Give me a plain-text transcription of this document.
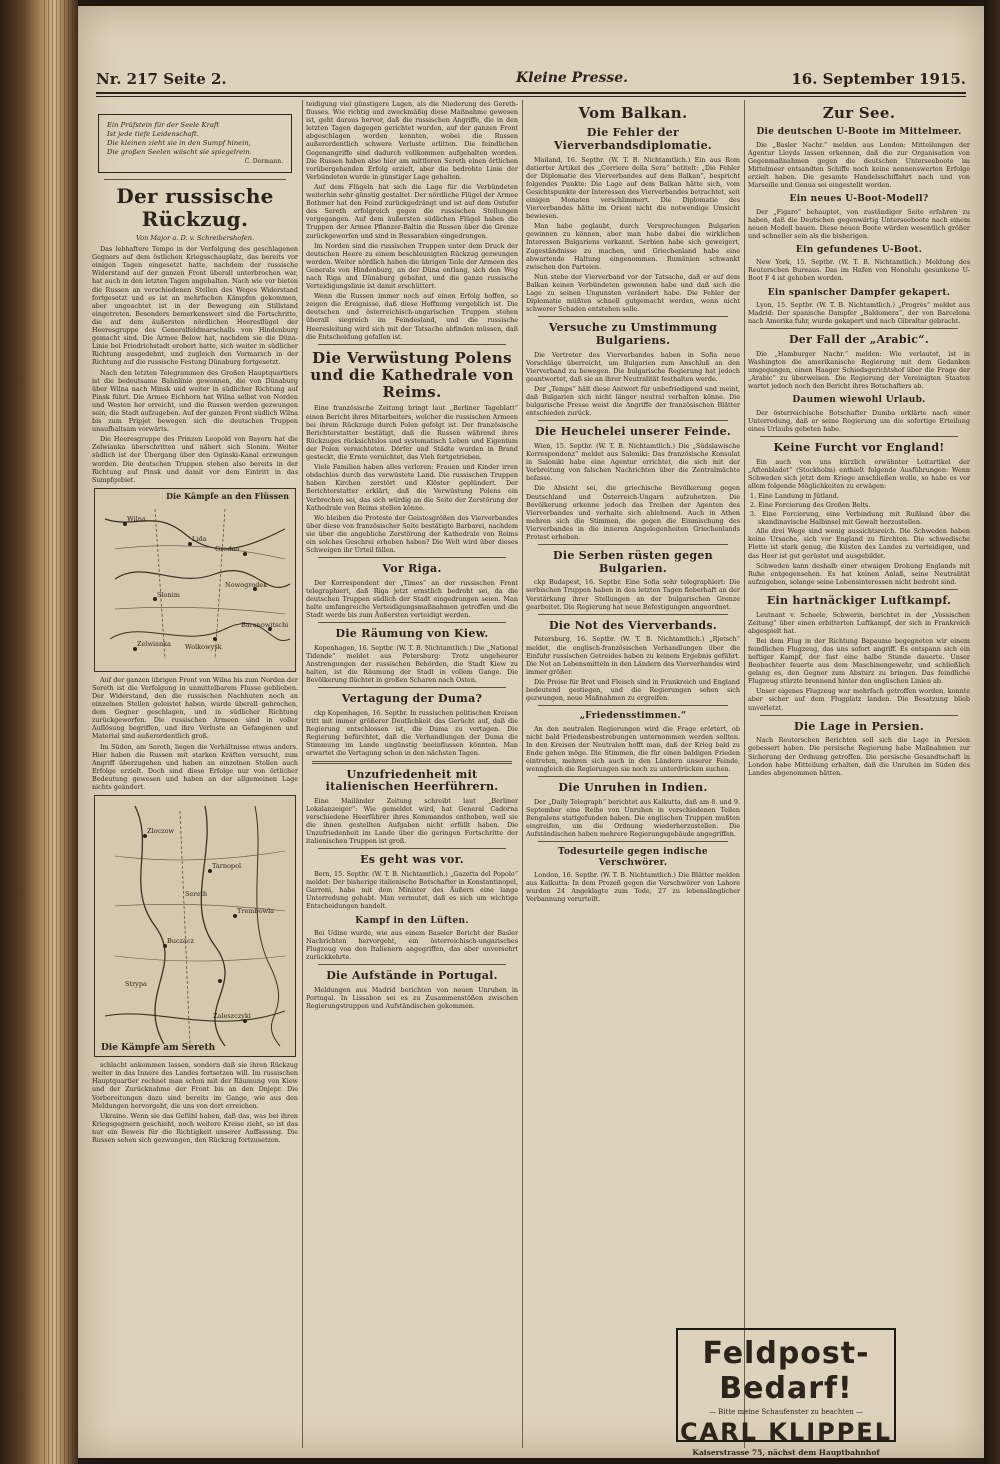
Nr. 217 Seite 2.	Kleine Presse.	16. September 1915.
Ein Prüfstein für der Seele Kraft
Ist jede tiefe Leidenschaft.
Die kleinen zieht sie in den Sumpf hinein,
Die großen Seelen wäscht sie spiegelrein.
C. Dormann.
Der russische Rückzug.
Von Major a. D. v. Schreibershofen.

Das lebhaftere Tempo in der Verfolgung des geschlagenen Gegners auf dem östlichen Kriegsschauplatz, das bereits vor einigen Tagen eingesetzt hatte, nachdem der russische Widerstand auf der ganzen Front überall unterbrochen war, hat auch in den letzten Tagen angehalten. Nach wie vor bieten die Russen an verschiedenen Stellen des Weges Widerstand fortgesetzt und es ist an mehrfachen Kämpfen gekommen, aber ungeachtet ist in der Bewegung ein Stillstand eingetreten. Besonders bemerkenswert sind die Fortschritte, die auf dem äußersten nördlichen Heeresflügel der Heeresgruppe des Generalfeldmarschalls von Hindenburg gemacht sind. Die Armee Below hat, nachdem sie die Düna-Linie bei Friedrichstadt erobert hatte, sich weiter in südlicher Richtung ausgedehnt, und zugleich den Vormarsch in der Richtung auf die russische Festung Dünaburg fortgesetzt.

Nach den letzten Telegrammen des Großen Hauptquartiers ist die bedeutsame Bahnlinie gewonnen, die von Dünaburg über Wilna nach Minsk und weiter in südlicher Richtung auf Pinsk führt. Die Armee Eichhorn hat Wilna selbst von Norden und Westen her erreicht, und die Russen werden gezwungen sein, die Stadt aufzugeben. Auf der ganzen Front südlich Wilna bis zum Pripjet bewegen sich die deutschen Truppen unaufhaltsam vorwärts.

Die Heeresgruppe des Prinzen Leopold von Bayern hat die Zelwianka überschritten und nähert sich Slonim. Weiter südlich ist der Übergang über den Oginski-Kanal erzwungen worden. Die deutschen Truppen stehen also bereits in der Richtung auf Pinsk und damit vor dem Eintritt in das Sumpfgebiet.

Wilna
Lida
Grodno
Nowogrodek
Slonim
Wolkowysk
Zelwianka
Baranowitschi
Die Kämpfe an den Flüssen

Auf der ganzen übrigen Front von Wilna bis zum Norden der Sereth ist die Verfolgung in unmittelbarem Flusse geblieben. Der Widerstand, den die russischen Nachhuten noch an einzelnen Stellen geleistet haben, wurde überall gebrochen, dem Gegner geschlagen, und in südlicher Richtung zurückgeworfen. Die russischen Armeen sind in voller Auflösung begriffen, und ihre Verluste an Gefangenen und Material sind außerordentlich groß.

Im Süden, am Sereth, liegen die Verhältnisse etwas anders. Hier haben die Russen mit starken Kräften versucht, zum Angriff überzugehen und haben an einzelnen Stellen auch Erfolge erzielt. Doch sind diese Erfolge nur von örtlicher Bedeutung gewesen und haben an der allgemeinen Lage nichts geändert.

Zloczow
Tarnopol
Trembowla
Buczacz
Sereth
Strypa
Zaleszczyki
Die Kämpfe am Sereth

schlacht ankommen lassen, sondern daß sie ihren Rückzug weiter in das Innere des Landes fortsetzen will. Im russischen Hauptquartier rechnet man schon mit der Räumung von Kiew und der Zurücknahme der Front bis an den Dnjepr. Die Vorbereitungen dazu sind bereits im Gange, wie aus den Meldungen hervorgeht, die uns von dort erreichen.

Ukraine. Wenn sie das Gefühl haben, daß das, was bei ihren Kriegsgegnern geschieht, noch weitere Kreise zieht, so ist das nur ein Beweis für die Richtigkeit unserer Auffassung. Die Russen sehen sich gezwungen, den Rückzug fortzusetzen.

teidigung viel günstigere Lagen, als die Niederung des Gereth-flusses. Wie richtig und zweckmäßig diese Maßnahme gewesen ist, geht daraus hervor, daß die russischen Angriffe, die in den letzten Tagen dagegen gerichtet wurden, auf der ganzen Front abgeschlagen worden konnten, wobei die Russen außerordentlich schwere Verluste erlitten. Die feindlichen Gegenangriffe sind dadurch vollkommen aufgehalten worden. Die Russen haben also hier am mittleren Sereth einen örtlichen vorübergehenden Erfolg erzielt, aber die bedrohte Linie der Verbündeten wurde in günstiger Lage gehalten.

Auf dem Flügeln hat sich die Lage für die Verbündeten weiterhin sehr günstig gestaltet. Der nördliche Flügel der Armee Bothmer hat den Feind zurückgedrängt und ist auf dem Ostufer des Sereth erfolgreich gegen die russischen Stellungen vorgegangen. Auf dem äußersten südlichen Flügel haben die Truppen der Armee Pflanzer-Baltin die Russen über die Grenze zurückgeworfen und sind in Bessarabien eingedrungen.

Im Norden sind die russischen Truppen unter dem Druck der deutschen Heere zu einem beschleunigten Rückzug gezwungen worden. Weiter nördlich haben die übrigen Teile der Armeen des Generals von Hindenburg, an der Düna entlang, sich den Weg nach Riga und Dünaburg gebahnt, und die ganze russische Verteidigungslinie ist damit erschüttert.

Wenn die Russen immer noch auf einen Erfolg hoffen, so zeigen die Ereignisse, daß diese Hoffnung vergeblich ist. Die deutschen und österreichisch-ungarischen Truppen stehen überall siegreich im Feindesland, und die russische Heeresleitung wird sich mit der Tatsache abfinden müssen, daß die Entscheidung gefallen ist.

Die Verwüstung Polens und die Kathedrale von Reims.

Eine französische Zeitung bringt laut „Berliner Tageblatt“ einen Bericht ihres Mitarbeiters, welcher die russischen Armeen bei ihrem Rückzuge durch Polen gefolgt ist. Der französische Berichterstatter bestätigt, daß die Russen während ihres Rückzuges rücksichtslos und systematisch Leben und Eigentum der Polen vernichteten. Dörfer und Städte wurden in Brand gesteckt, die Ernte vernichtet, das Vieh fortgetrieben.

Viele Familien haben alles verloren; Frauen und Kinder irren obdachlos durch das verwüstete Land. Die russischen Truppen haben Kirchen zerstört und Klöster geplündert. Der Berichterstatter erklärt, daß die Verwüstung Polens ein Verbrechen sei, das sich würdig an die Seite der Zerstörung der Kathedrale von Reims stellen könne.

Wo bleiben die Proteste der Geistesgrößen des Vierverbandes über diese von französischer Seite bestätigte Barbarei, nachdem sie über die angebliche Zerstörung der Kathedrale von Reims ein solches Geschrei erhoben haben? Die Welt wird über dieses Schweigen ihr Urteil fällen.

Vor Riga.

Der Korrespondent der „Times“ an der russischen Front telegraphiert, daß Riga jetzt ernstlich bedroht sei, da die deutschen Truppen südlich der Stadt eingedrungen seien. Man halte umfangreiche Verteidigungsmaßnahmen getroffen und die Stadt werde bis zum Äußersten verteidigt werden.

Die Räumung von Kiew.

Kopenhagen, 16. Septbr. (W. T. B. Nichtamtlich.) Die „National Tidende“ meldet aus Petersburg: Trotz ungeheurer Anstrengungen der russischen Behörden, die Stadt Kiew zu halten, ist die Räumung der Stadt in vollem Gange. Die Bevölkerung flüchtet in großen Scharen nach Osten.

Vertagung der Duma?

ckp Kopenhagen, 16. Septbr. In russischen politischen Kreisen tritt mit immer größerer Deutlichkeit das Gerücht auf, daß die Regierung entschlossen ist, die Duma zu vertagen. Die Regierung befürchtet, daß die Verhandlungen der Duma die Stimmung im Lande ungünstig beeinflussen könnten. Man erwartet die Vertagung schon in den nächsten Tagen.

Unzufriedenheit mit italienischen Heerführern.

Eine Mailänder Zeitung schreibt laut „Berliner Lokalanzeiger“: Wie gemeldet wird, hat General Cadorna verschiedene Heerführer ihres Kommandos enthoben, weil sie die ihnen gestellten Aufgaben nicht erfüllt haben. Die Unzufriedenheit im Lande über die geringen Fortschritte der italienischen Truppen ist groß.

Es geht was vor.

Bern, 15. Septbr. (W. T. B. Nichtamtlich.) „Gazetta del Popolo“ meldet: Der bisherige italienische Botschafter in Konstantinopel, Garroni, habe mit dem Minister des Äußern eine lange Unterredung gehabt. Man vermutet, daß es sich um wichtige Entscheidungen handelt.

Kampf in den Lüften.

Bei Udine wurde, wie aus einem Baseler Bericht der Basler Nachrichten hervorgeht, ein österreichisch-ungarisches Flugzeug von den Italienern angegriffen, das aber unversehrt zurückkehrte.

Die Aufstände in Portugal.

Meldungen aus Madrid berichten von neuen Unruhen in Portugal. In Lissabon sei es zu Zusammenstößen zwischen Regierungstruppen und Aufständischen gekommen.

Vom Balkan.
Die Fehler der Vierverbandsdiplomatie.

Mailand, 16. Septbr. (W. T. B. Nichtamtlich.) Ein aus Rom datierter Artikel des „Corriere della Sera“ betitelt: „Die Fehler der Diplomatie des Vierverbandes auf dem Balkan“, bespricht folgendes Punkte: Die Lage auf dem Balkan hätte sich, vom Gesichtspunkte der Interessen des Vierverbandes betrachtet, seit einigen Monaten verschlimmert. Die Diplomatie des Vierverbandes hätte im Orient nicht die notwendige Umsicht bewiesen.

Man habe geglaubt, durch Versprechungen Bulgarien gewinnen zu können, aber man habe dabei die wirklichen Interessen Bulgariens verkannt. Serbien habe sich geweigert, Zugeständnisse zu machen, und Griechenland habe eine abwartende Haltung eingenommen. Rumänien schwankt zwischen den Parteien.

Nun stehe der Vierverband vor der Tatsache, daß er auf dem Balkan keinen Verbündeten gewonnen habe und daß sich die Lage zu seinen Ungunsten verändert habe. Die Fehler der Diplomatie müßten schnell gutgemacht werden, wenn nicht schwerer Schaden entstehen solle.

Versuche zu Umstimmung Bulgariens.

Die Vertreter des Vierverbandes haben in Sofia neue Vorschläge überreicht, um Bulgarien zum Anschluß an den Vierverband zu bewegen. Die bulgarische Regierung hat jedoch geantwortet, daß sie an ihrer Neutralität festhalten werde.

Der „Temps“ hält diese Antwort für unbefriedigend und meint, daß Bulgarien sich nicht länger neutral verhalten könne. Die bulgarische Presse weist die Angriffe der französischen Blätter entschieden zurück.

Die Heuchelei unserer Feinde.

Wien, 15. Septbr. (W. T. B. Nichtamtlich.) Die „Südslawische Korrespondenz“ meldet aus Saloniki: Das französische Konsulat in Saloniki habe eine Agentur errichtet, die sich mit der Verbreitung von falschen Nachrichten über die Zentralmächte befasse.

Die Absicht sei, die griechische Bevölkerung gegen Deutschland und Österreich-Ungarn aufzuhetzen. Die Bevölkerung erkenne jedoch das Treiben der Agenten des Vierverbandes und verhalte sich ablehnend. Auch in Athen mehren sich die Stimmen, die gegen die Einmischung des Vierverbandes in die inneren Angelegenheiten Griechenlands Protest erheben.

Die Serben rüsten gegen Bulgarien.

ckp Budapest, 16. Septbr. Eine Sofia sehr telegraphiert: Die serbischen Truppen haben in den letzten Tagen fieberhaft an der Verstärkung ihrer Stellungen an der bulgarischen Grenze gearbeitet. Die Regierung hat neue Befestigungen angeordnet.

Die Not des Vierverbands.

Petersburg, 16. Septbr. (W. T. B. Nichtamtlich.) „Rjetsch“ meldet, die englisch-französischen Verhandlungen über die Einfuhr russischen Getreides haben zu keinem Ergebnis geführt. Die Not an Lebensmitteln in den Ländern des Vierverbandes wird immer größer.

Die Preise für Brot und Fleisch sind in Frankreich und England bedeutend gestiegen, und die Regierungen sehen sich gezwungen, neue Maßnahmen zu ergreifen.

„Friedensstimmen.“

An den neutralen Regierungen wird die Frage erörtert, ob nicht bald Friedensbestrebungen unternommen werden sollten. In den Kreisen der Neutralen hofft man, daß der Krieg bald zu Ende gehen möge. Die Stimmen, die für einen baldigen Frieden eintreten, mehren sich auch in den Ländern unserer Feinde, wenngleich die Regierungen sie noch zu unterdrücken suchen.

Die Unruhen in Indien.

Der „Daily Telegraph“ berichtet aus Kalkutta, daß am 8. und 9. September eine Reihe von Unruhen in verschiedenen Teilen Bengalens stattgefunden haben. Die englischen Truppen mußten eingreifen, um die Ordnung wiederherzustellen. Die Aufständischen haben mehrere Regierungsgebäude angegriffen.

Todesurteile gegen indische Verschwörer.

London, 16. Septbr. (W. T. B. Nichtamtlich.) Die Blätter melden aus Kalkutta: In dem Prozeß gegen die Verschwörer von Lahore wurden 24 Angeklagte zum Tode, 27 zu lebenslänglicher Verbannung verurteilt.

Zur See.
Die deutschen U-Boote im Mittelmeer.

Die „Basler Nachr.“ melden aus London: Mitteilungen der Agentur Lloyds lassen erkennen, daß die zur Organisation von Gegenmaßnahmen gegen die deutschen Unterseeboote im Mittelmeer entsandten Schiffe noch keine nennenswerten Erfolge erzielt haben. Die gesamte Handelsschiffahrt nach und von Marseille und Genua sei eingestellt worden.

Ein neues U-Boot-Modell?

Der „Figaro“ behauptet, von zuständiger Seite erfahren zu haben, daß die Deutschen gegenwärtig Unterseeboote nach einem neuen Modell bauen. Diese neuen Boote würden wesentlich größer und schneller sein als die bisherigen.

Ein gefundenes U-Boot.

New York, 15. Septbr. (W. T. B. Nichtamtlich.) Meldung des Reuterschen Bureaus. Das im Hafen von Honolulu gesunkene U-Boot F 4 ist gehoben worden.

Ein spanischer Dampfer gekapert.

Lyon, 15. Septbr. (W. T. B. Nichtamtlich.) „Progrès“ meldet aus Madrid: Der spanische Dampfer „Baldomera“, der von Barcelona nach Amerika fuhr, wurde gekapert und nach Gibraltar gebracht.

Der Fall der „Arabic“.

Die „Hamburger Nachr.“ melden: Wie verlautet, ist in Washington die amerikanische Regierung mit dem Gedanken umgegangen, einen Haager Schiedsgerichtshof über die Frage der „Arabic“ zu überweisen. Die Regierung der Vereinigten Staaten wartet jedoch noch den Bericht ihres Botschafters ab.

Daumen wiewohl Urlaub.

Der österreichische Botschafter Dumba erklärte nach einer Unterredung, daß er seine Regierung um die sofortige Erteilung eines Urlaubs gebeten habe.

Keine Furcht vor England!

Ein auch von uns kürzlich erwähnter Leitartikel der „Aftonbladet“ (Stockholm) enthielt folgende Ausführungen: Wenn Schweden sich jetzt dem Kriege anschließen wolle, so habe es vor allem folgende Möglichkeiten zu erwägen:

1. Eine Landung in Jütland.
2. Eine Forcierung des Großen Belts.
3. Eine Forcierung, eine Verbindung mit Rußland über die skandinavische Halbinsel mit Gewalt herzustellen.

Alle drei Wege sind wenig aussichtsreich. Die Schweden haben keine Ursache, sich vor England zu fürchten. Die schwedische Flotte ist stark genug, die Küsten des Landes zu verteidigen, und das Heer ist gut gerüstet und ausgebildet.

Schweden kann deshalb einer etwaigen Drohung Englands mit Ruhe entgegensehen. Es hat keinen Anlaß, seine Neutralität aufzugeben, solange seine Lebensinteressen nicht bedroht sind.

Ein hartnäckiger Luftkampf.

Leutnant v. Scheele, Schwerin, berichtet in der „Vossischen Zeitung“ über einen erbitterten Luftkampf, der sich in Frankreich abgespielt hat.

Bei dem Flug in der Richtung Bapaume begegneten wir einem feindlichen Flugzeug, das uns sofort angriff. Es entspann sich ein heftiger Kampf, der fast eine halbe Stunde dauerte. Unser Beobachter feuerte aus dem Maschinengewehr, und schließlich gelang es, den Gegner zum Absturz zu bringen. Das feindliche Flugzeug stürzte brennend hinter den englischen Linien ab.

Unser eigenes Flugzeug war mehrfach getroffen worden, konnte aber sicher auf dem Flugplatz landen. Die Besatzung blieb unverletzt.

Die Lage in Persien.

Nach Reuterschen Berichten soll sich die Lage in Persien gebessert haben. Die persische Regierung habe Maßnahmen zur Sicherung der Ordnung getroffen. Die persische Gesandtschaft in London habe Mitteilung erhalten, daß die Unruhen im Süden des Landes abgenommen hätten.

Feldpost-Bedarf!
— Bitte meine Schaufenster zu beachten —
CARL KLIPPEL
Kaiserstrasse 75, nächst dem Hauptbahnhof
